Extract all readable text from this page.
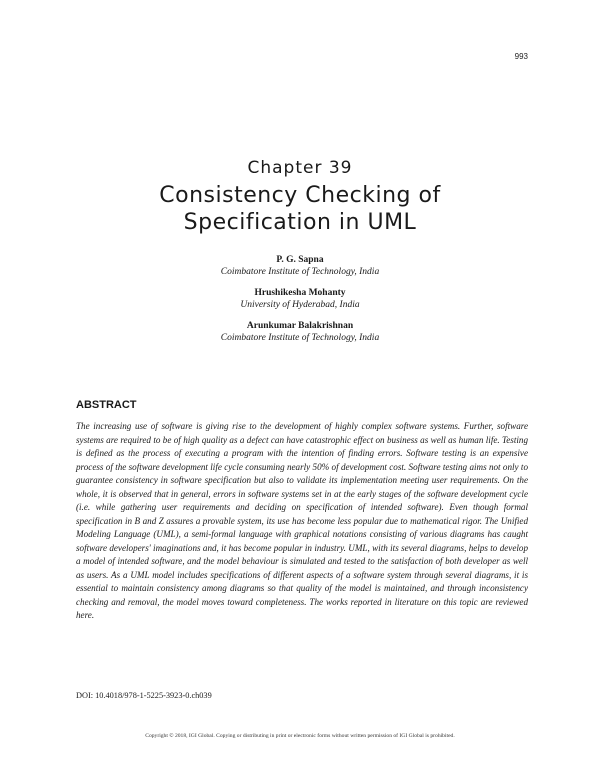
993
Chapter 39
Consistency Checking of
Specification in UML
P. G. Sapna
Coimbatore Institute of Technology, India
Hrushikesha Mohanty
University of Hyderabad, India
Arunkumar Balakrishnan
Coimbatore Institute of Technology, India
ABSTRACT

The increasing use of software is giving rise to the development of highly complex software systems. Further, software systems are required to be of high quality as a defect can have catastrophic effect on business as well as human life. Testing is defined as the process of executing a program with the intention of finding errors. Software testing is an expensive process of the software development life cycle consuming nearly 50% of development cost. Software testing aims not only to guarantee consistency in software specification but also to validate its implementation meeting user requirements. On the whole, it is observed that in general, errors in software systems set in at the early stages of the software development cycle (i.e. while gathering user requirements and deciding on specification of intended software). Even though formal specification in B and Z assures a provable system, its use has become less popular due to mathematical rigor. The Unified Modeling Language (UML), a semi-formal language with graphical notations consisting of various diagrams has caught software developers' imaginations and, it has become popular in industry. UML, with its several diagrams, helps to develop a model of intended software, and the model behaviour is simulated and tested to the satisfaction of both developer as well as users. As a UML model includes specifications of different aspects of a software system through several diagrams, it is essential to maintain consistency among diagrams so that quality of the model is maintained, and through inconsistency checking and removal, the model moves toward completeness. The works reported in literature on this topic are reviewed here.

DOI: 10.4018/978-1-5225-3923-0.ch039
Copyright © 2018, IGI Global. Copying or distributing in print or electronic forms without written permission of IGI Global is prohibited.
